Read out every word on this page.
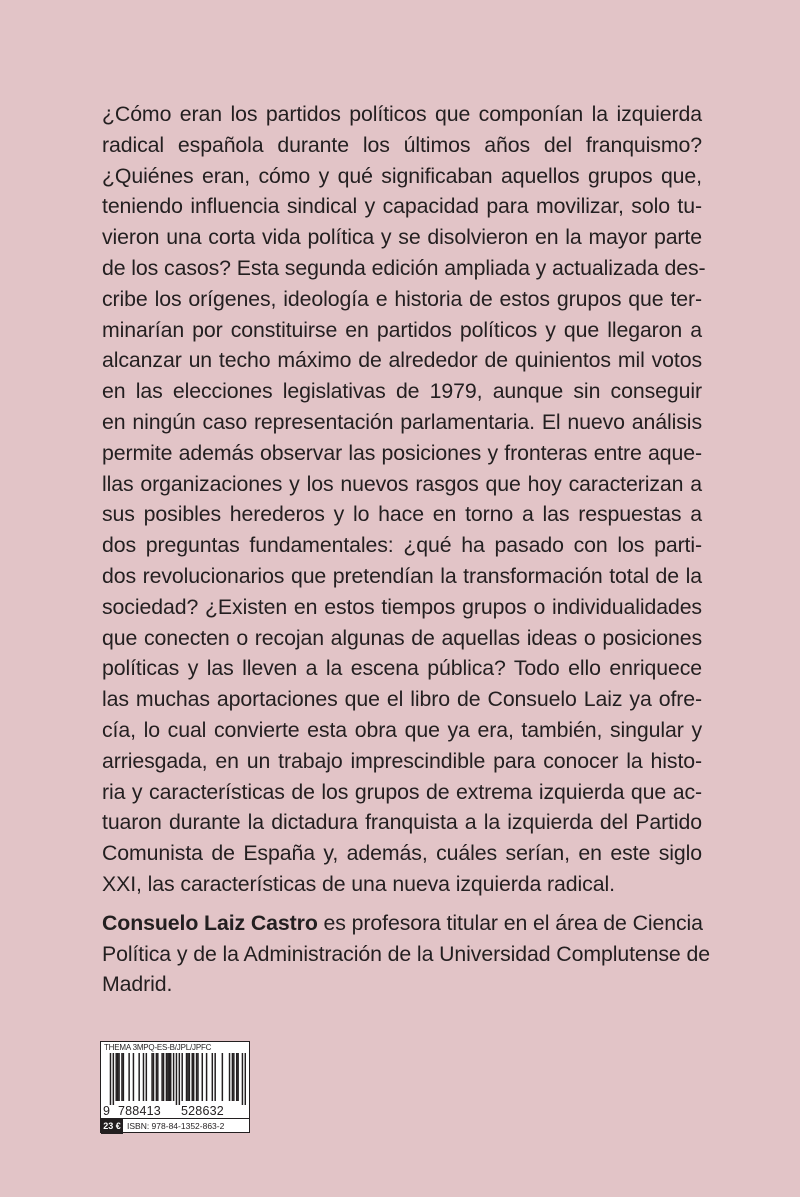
¿Cómo eran los partidos políticos que componían la izquierda
radical española durante los últimos años del franquismo?
¿Quiénes eran, cómo y qué significaban aquellos grupos que,
teniendo influencia sindical y capacidad para movilizar, solo tu-
vieron una corta vida política y se disolvieron en la mayor parte
de los casos? Esta segunda edición ampliada y actualizada des-
cribe los orígenes, ideología e historia de estos grupos que ter-
minarían por constituirse en partidos políticos y que llegaron a
alcanzar un techo máximo de alrededor de quinientos mil votos
en las elecciones legislativas de 1979, aunque sin conseguir
en ningún caso representación parlamentaria. El nuevo análisis
permite además observar las posiciones y fronteras entre aque-
llas organizaciones y los nuevos rasgos que hoy caracterizan a
sus posibles herederos y lo hace en torno a las respuestas a
dos preguntas fundamentales: ¿qué ha pasado con los parti-
dos revolucionarios que pretendían la transformación total de la
sociedad? ¿Existen en estos tiempos grupos o individualidades
que conecten o recojan algunas de aquellas ideas o posiciones
políticas y las lleven a la escena pública? Todo ello enriquece
las muchas aportaciones que el libro de Consuelo Laiz ya ofre-
cía, lo cual convierte esta obra que ya era, también, singular y
arriesgada, en un trabajo imprescindible para conocer la histo-
ria y características de los grupos de extrema izquierda que ac-
tuaron durante la dictadura franquista a la izquierda del Partido
Comunista de España y, además, cuáles serían, en este siglo
XXI, las características de una nueva izquierda radical.

Consuelo Laiz Castro es profesora titular en el área de Ciencia
Política y de la Administración de la Universidad Complutense de
Madrid.

THEMA 3MPQ-ES-B/JPL/JPFC
9 788413 528632
23 € ISBN: 978-84-1352-863-2
